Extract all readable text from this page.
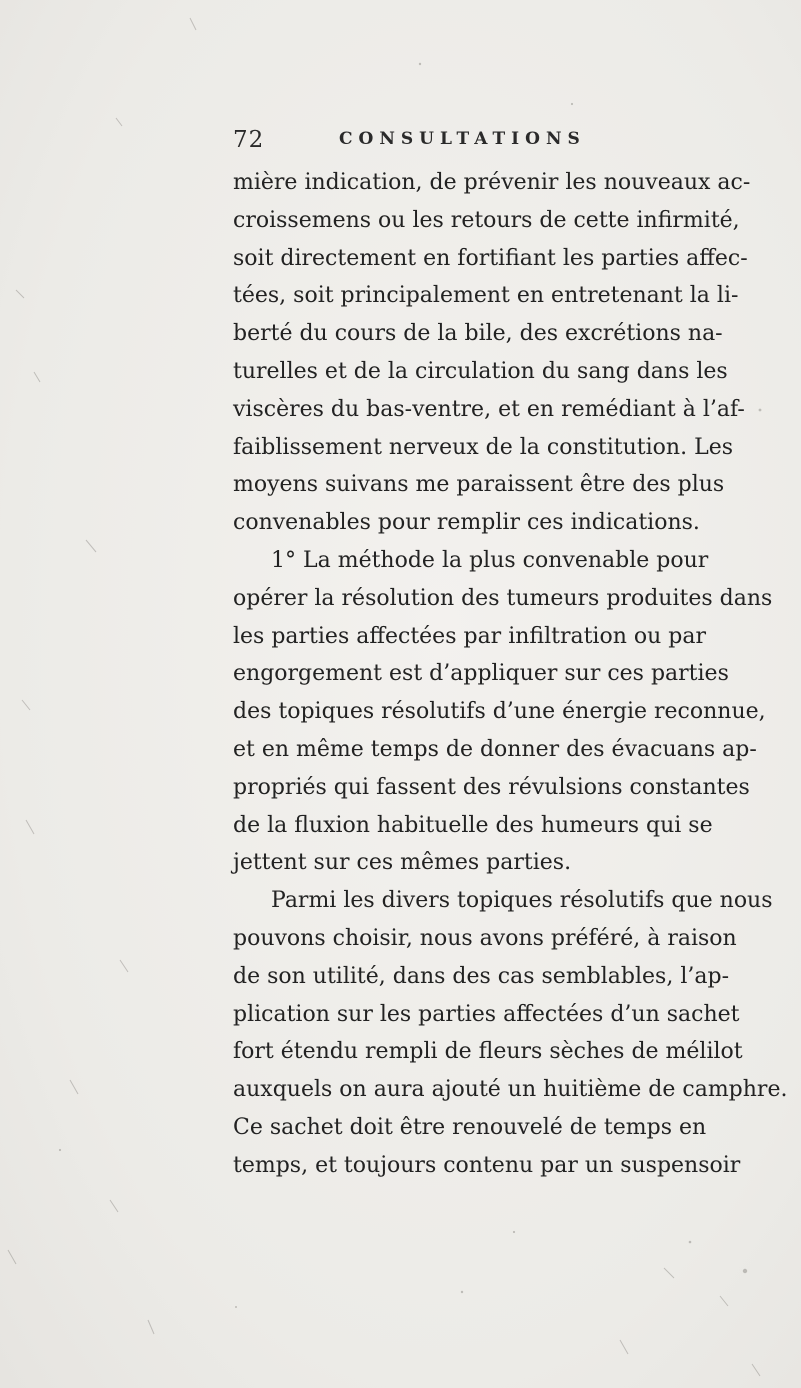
72	CONSULTATIONS
mière indication, de prévenir les nouveaux ac-
croissemens ou les retours de cette infirmité,
soit directement en fortifiant les parties affec-
tées, soit principalement en entretenant la li-
berté du cours de la bile, des excrétions na-
turelles et de la circulation du sang dans les
viscères du bas-ventre, et en remédiant à l’af-
faiblissement nerveux de la constitution. Les
moyens suivans me paraissent être des plus
convenables pour remplir ces indications.
1° La méthode la plus convenable pour
opérer la résolution des tumeurs produites dans
les parties affectées par infiltration ou par
engorgement est d’appliquer sur ces parties
des topiques résolutifs d’une énergie reconnue,
et en même temps de donner des évacuans ap-
propriés qui fassent des révulsions constantes
de la fluxion habituelle des humeurs qui se
jettent sur ces mêmes parties.
Parmi les divers topiques résolutifs que nous
pouvons choisir, nous avons préféré, à raison
de son utilité, dans des cas semblables, l’ap-
plication sur les parties affectées d’un sachet
fort étendu rempli de fleurs sèches de mélilot
auxquels on aura ajouté un huitième de camphre.
Ce sachet doit être renouvelé de temps en
temps, et toujours contenu par un suspensoir
